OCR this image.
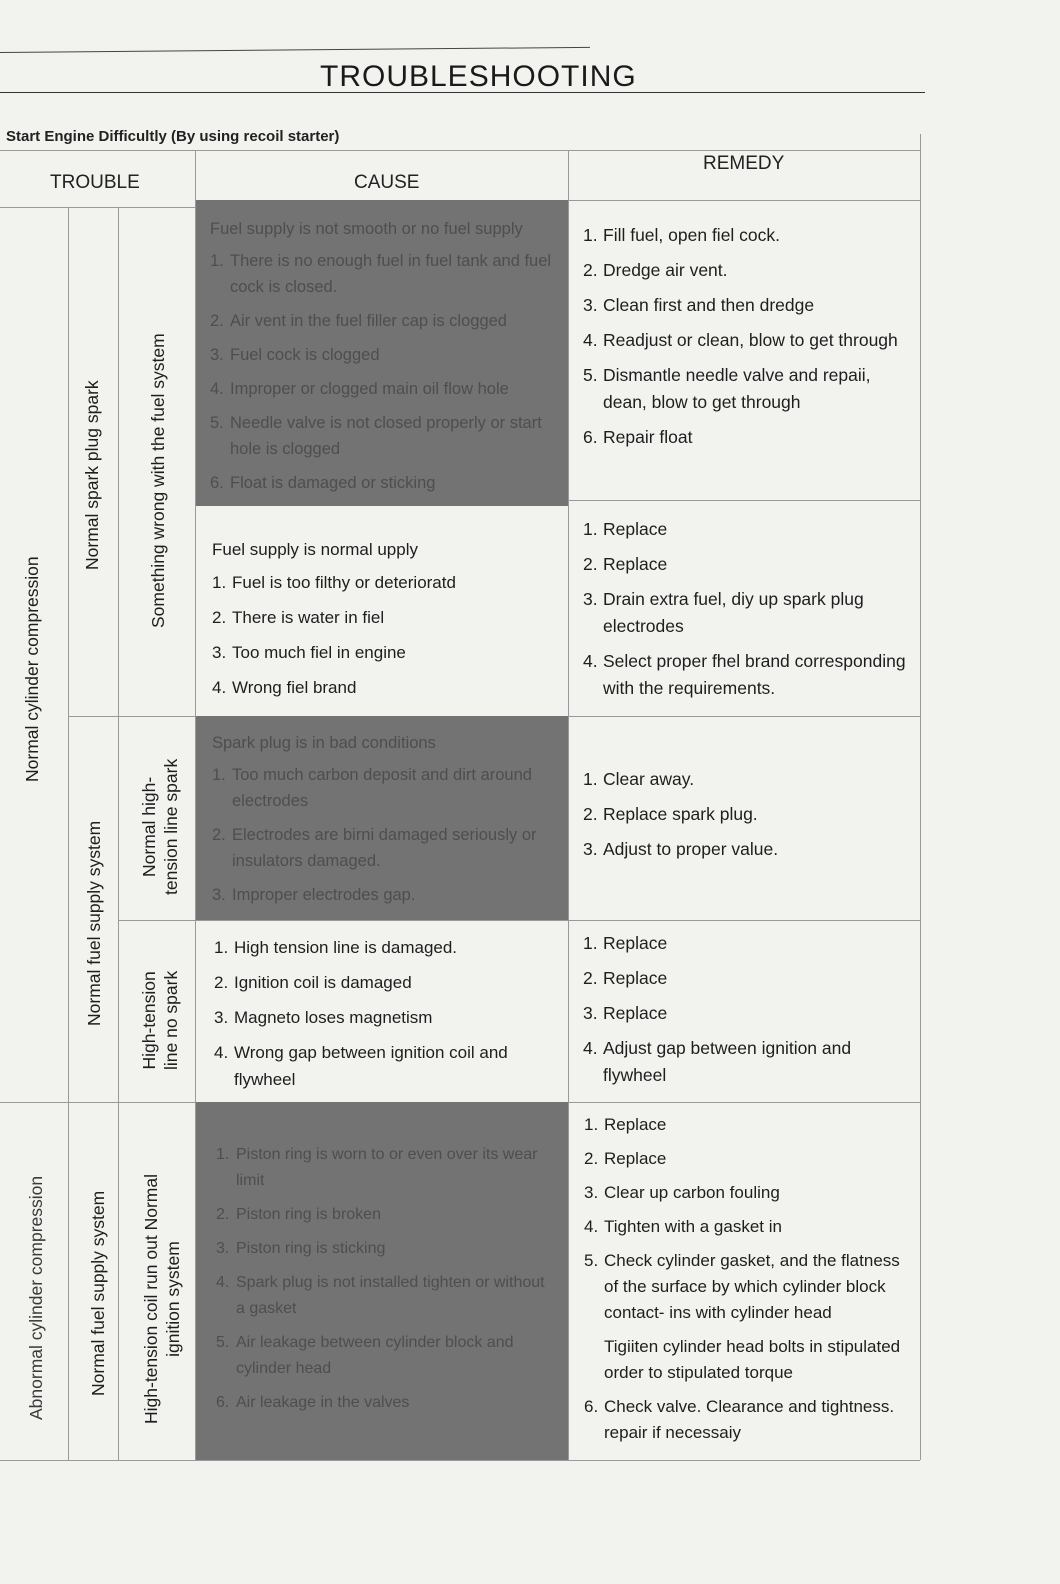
TROUBLESHOOTING
Start Engine Difficultly (By using recoil starter)
TROUBLE	CAUSE
REMEDY
Fuel supply is not smooth or no fuel supply
1. There is no enough fuel in fuel tank and fuel cock is closed.
2. Air vent in the fuel filler cap is clogged
3. Fuel cock is clogged
4. Improper or clogged main oil flow hole
5. Needle valve is not closed properly or start hole is clogged
6. Float is damaged or sticking
1. Fill fuel, open fiel cock.
2. Dredge air vent.
3. Clean first and then dredge
4. Readjust or clean, blow to get through
5. Dismantle needle valve and repaii, dean, blow to get through
6. Repair float
Fuel supply is normal upply
1. Fuel is too filthy or deterioratd
2. There is water in fiel
3. Too much fiel in engine
4. Wrong fiel brand
1. Replace
2. Replace
3. Drain extra fuel, diy up spark plug electrodes
4. Select proper fhel brand corresponding with the requirements.
Spark plug is in bad conditions
1. Too much carbon deposit and dirt around electrodes
2. Electrodes are birni damaged seriously or insulators damaged.
3. Improper electrodes gap.
1. Clear away.
2. Replace spark plug.
3. Adjust to proper value.
1. High tension line is damaged.
2. Ignition coil is damaged
3. Magneto loses magnetism
4. Wrong gap between ignition coil and flywheel
1. Replace
2. Replace
3. Replace
4. Adjust gap between ignition and flywheel
1. Piston ring is worn to or even over its wear limit
2. Piston ring is broken
3. Piston ring is sticking
4. Spark plug is not installed tighten or without a gasket
5. Air leakage between cylinder block and cylinder head
6. Air leakage in the valves
1. Replace
2. Replace
3. Clear up carbon fouling
4. Tighten with a gasket in
5. Check cylinder gasket, and the flatness of the surface by which cylinder block contact- ins with cylinder head
Tigiiten cylinder head bolts in stipulated order to stipulated torque
6. Check valve. Clearance and tightness. repair if necessaiy
Normal cylinder compression
Abnormal cylinder compression
Normal spark plug spark
Normal fuel supply system
Normal fuel supply system
Something wrong with the fuel system
Normal high- tension line spark
High-tension line no spark
High-tension coil run out Normal ignition system
